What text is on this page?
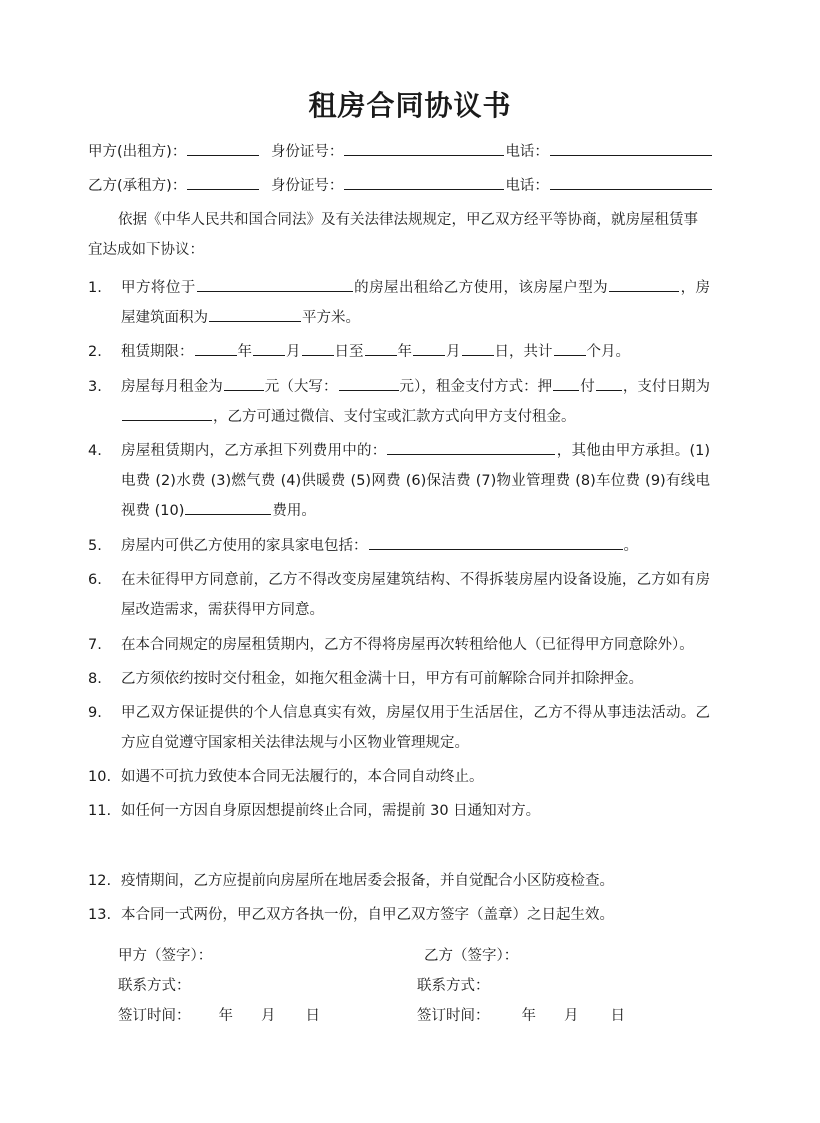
租房合同协议书
甲方(出租方)：	身份证号：	电话：
乙方(承租方)：	身份证号：	电话：
依据《中华人民共和国合同法》及有关法律法规规定，甲乙双方经平等协商，就房屋租赁事宜达成如下协议：
1.	甲方将位于	的房屋出租给乙方使用，该房屋户型为	，房屋建筑面积为	平方米。
2.	租赁期限：	年 月 日至 年 月 日，共计 个月。
3.	房屋每月租金为	元（大写：	元），租金支付方式：押 付 ，支付日期为，乙方可通过微信、支付宝或汇款方式向甲方支付租金。
4.	房屋租赁期内，乙方承担下列费用中的：	，其他由甲方承担。(1)电费 (2)水费 (3)燃气费 (4)供暖费 (5)网费 (6)保洁费 (7)物业管理费 (8)车位费 (9)有线电视费 (10)	费用。
5.	房屋内可供乙方使用的家具家电包括：	。
6.	在未征得甲方同意前，乙方不得改变房屋建筑结构、不得拆装房屋内设备设施，乙方如有房屋改造需求，需获得甲方同意。
7.	在本合同规定的房屋租赁期内，乙方不得将房屋再次转租给他人（已征得甲方同意除外）。
8.	乙方须依约按时交付租金，如拖欠租金满十日，甲方有可前解除合同并扣除押金。
9.	甲乙双方保证提供的个人信息真实有效，房屋仅用于生活居住，乙方不得从事违法活动。乙方应自觉遵守国家相关法律法规与小区物业管理规定。
10. 如遇不可抗力致使本合同无法履行的，本合同自动终止。
11. 如任何一方因自身原因想提前终止合同，需提前 30 日通知对方。
12. 疫情期间，乙方应提前向房屋所在地居委会报备，并自觉配合小区防疫检查。
13. 本合同一式两份，甲乙双方各执一份，自甲乙双方签字（盖章）之日起生效。
甲方（签字）：	乙方（签字）：
联系方式：	联系方式：
签订时间： 年 月 日	签订时间： 年 月 日
